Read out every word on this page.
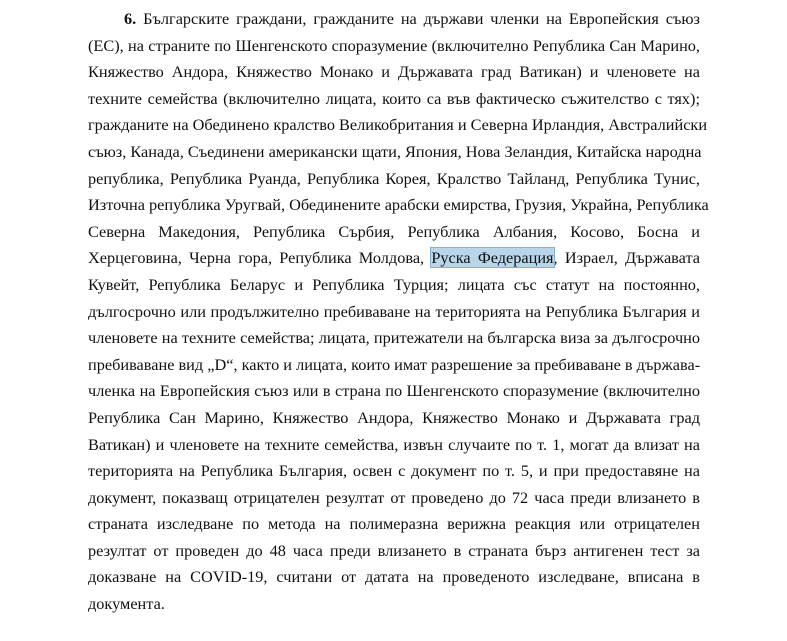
6. Българските граждани, гражданите на държави членки на Европейския съюз
(ЕС), на страните по Шенгенското споразумение (включително Република Сан Марино,
Княжество Андора, Княжество Монако и Държавата град Ватикан) и членовете на
техните семейства (включително лицата, които са във фактическо съжителство с тях);
гражданите на Обединено кралство Великобритания и Северна Ирландия, Австралийски
съюз, Канада, Съединени американски щати, Япония, Нова Зеландия, Китайска народна
република, Република Руанда, Република Корея, Кралство Тайланд, Република Тунис,
Източна република Уругвай, Обединените арабски емирства, Грузия, Украйна, Република
Северна Македония, Република Сърбия, Република Албания, Косово, Босна и
Херцеговина, Черна гора, Република Молдова, Руска Федерация, Израел, Държавата
Кувейт, Република Беларус и Република Турция; лицата със статут на постоянно,
дългосрочно или продължително пребиваване на територията на Република България и
членовете на техните семейства; лицата, притежатели на българска виза за дългосрочно
пребиваване вид „D“, както и лицата, които имат разрешение за пребиваване в държава-
членка на Европейския съюз или в страна по Шенгенското споразумение (включително
Република Сан Марино, Княжество Андора, Княжество Монако и Държавата град
Ватикан) и членовете на техните семейства, извън случаите по т. 1, могат да влизат на
територията на Република България, освен с документ по т. 5, и при предоставяне на
документ, показващ отрицателен резултат от проведено до 72 часа преди влизането в
страната изследване по метода на полимеразна верижна реакция или отрицателен
резултат от проведен до 48 часа преди влизането в страната бърз антигенен тест за
доказване на COVID-19, считани от датата на проведеното изследване, вписана в
документа.
